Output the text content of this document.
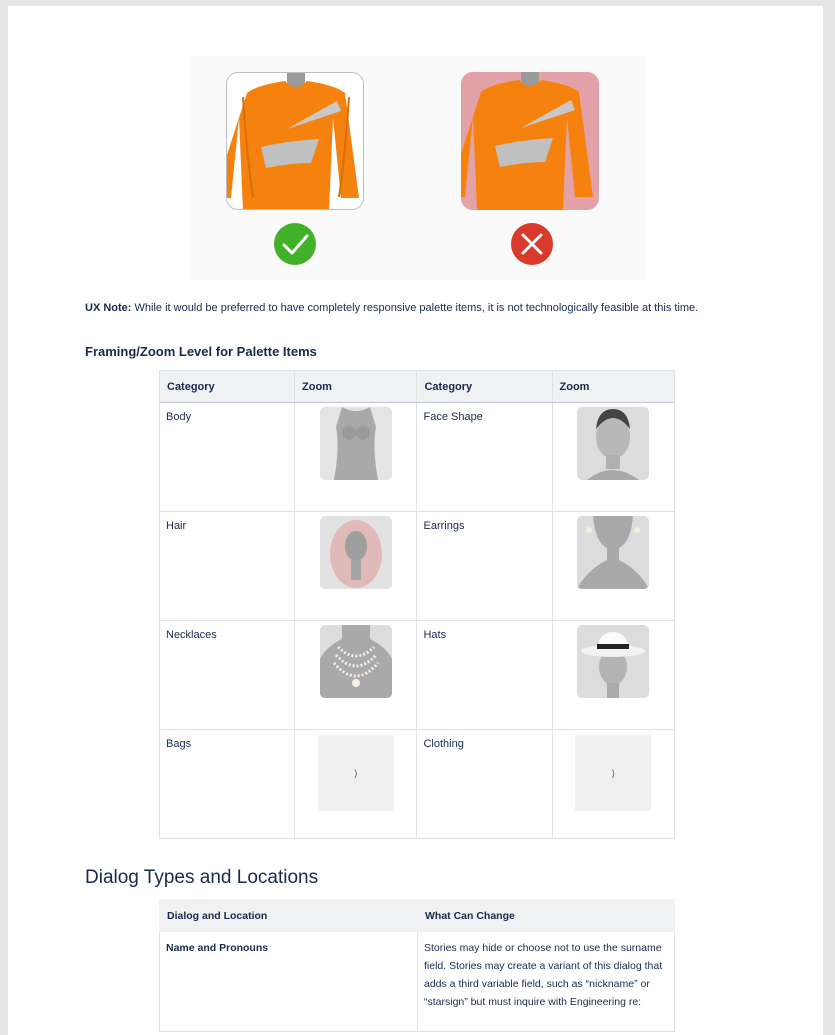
UX Note: While it would be preferred to have completely responsive palette items, it is not technologically feasible at this time.

Framing/Zoom Level for Palette Items
Category	Zoom	Category	Zoom
Body		Face Shape	

Hair		Earrings	

Necklaces		Hats	

Bags	)	Clothing	)
Dialog Types and Locations
Dialog and Location	What Can Change
Name and Pronouns	Stories may hide or choose not to use the surname field. Stories may create a variant of this dialog that adds a third variable field, such as “nickname” or “starsign” but must inquire with Engineering re:
